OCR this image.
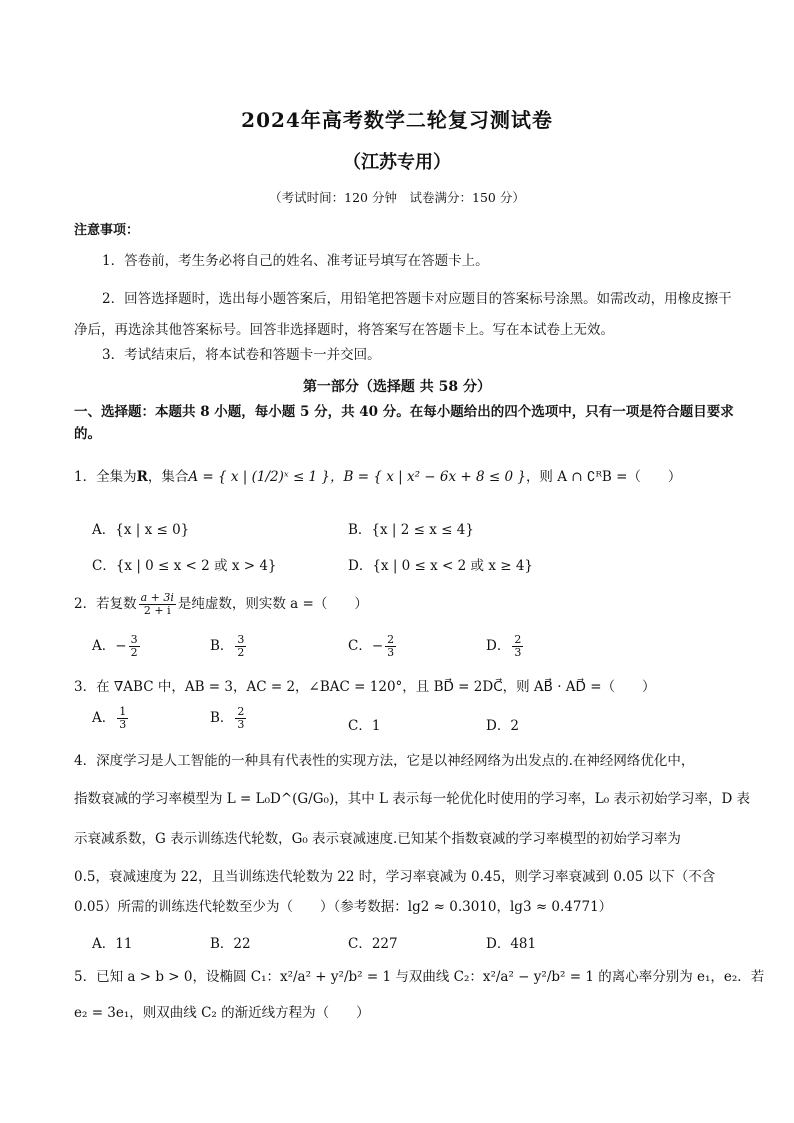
2024年高考数学二轮复习测试卷
（江苏专用）
（考试时间：120 分钟　试卷满分：150 分）
注意事项：
1．答卷前，考生务必将自己的姓名、准考证号填写在答题卡上。
2．回答选择题时，选出每小题答案后，用铅笔把答题卡对应题目的答案标号涂黑。如需改动，用橡皮擦干净后，再选涂其他答案标号。回答非选择题时，将答案写在答题卡上。写在本试卷上无效。
3．考试结束后，将本试卷和答题卡一并交回。
第一部分（选择题 共 58 分）
一、选择题：本题共 8 小题，每小题 5 分，共 40 分。在每小题给出的四个选项中，只有一项是符合题目要求的。
1．全集为R，集合A = { x | (1/2)ˣ ≤ 1 }，B = { x | x² − 6x + 8 ≤ 0 }，则 A ∩ ∁ᴿB =（　　）
A．{x | x ≤ 0}	B．{x | 2 ≤ x ≤ 4}
C．{x | 0 ≤ x < 2 或 x > 4}	D．{x | 0 ≤ x < 2 或 x ≥ 4}
2．若复数 $\frac{a + 3i}{2 + i}$ 是纯虚数，则实数 a =（　　）
A．− $\frac{3}{2}$	B． $\frac{3}{2}$	C．− $\frac{2}{3}$	D． $\frac{2}{3}$
3．在 ∇ABC 中，AB = 3，AC = 2，∠BAC = 120°，且 BD⃗ = 2DC⃗，则 AB⃗ · AD⃗ =（　　）
A． $\frac{1}{3}$	B． $\frac{2}{3}$	C．1	D．2
4．深度学习是人工智能的一种具有代表性的实现方法，它是以神经网络为出发点的.在神经网络优化中，
指数衰减的学习率模型为 L = L₀D^(G/G₀)，其中 L 表示每一轮优化时使用的学习率，L₀ 表示初始学习率，D 表
示衰减系数，G 表示训练迭代轮数，G₀ 表示衰减速度.已知某个指数衰减的学习率模型的初始学习率为
0.5，衰减速度为 22，且当训练迭代轮数为 22 时，学习率衰减为 0.45，则学习率衰减到 0.05 以下（不含
0.05）所需的训练迭代轮数至少为（　　）（参考数据：lg2 ≈ 0.3010，lg3 ≈ 0.4771）
A．11	B．22	C．227	D．481
5．已知 a > b > 0，设椭圆 C₁：x²/a² + y²/b² = 1 与双曲线 C₂：x²/a² − y²/b² = 1 的离心率分别为 e₁，e₂．若
e₂ = 3e₁，则双曲线 C₂ 的渐近线方程为（　　）
